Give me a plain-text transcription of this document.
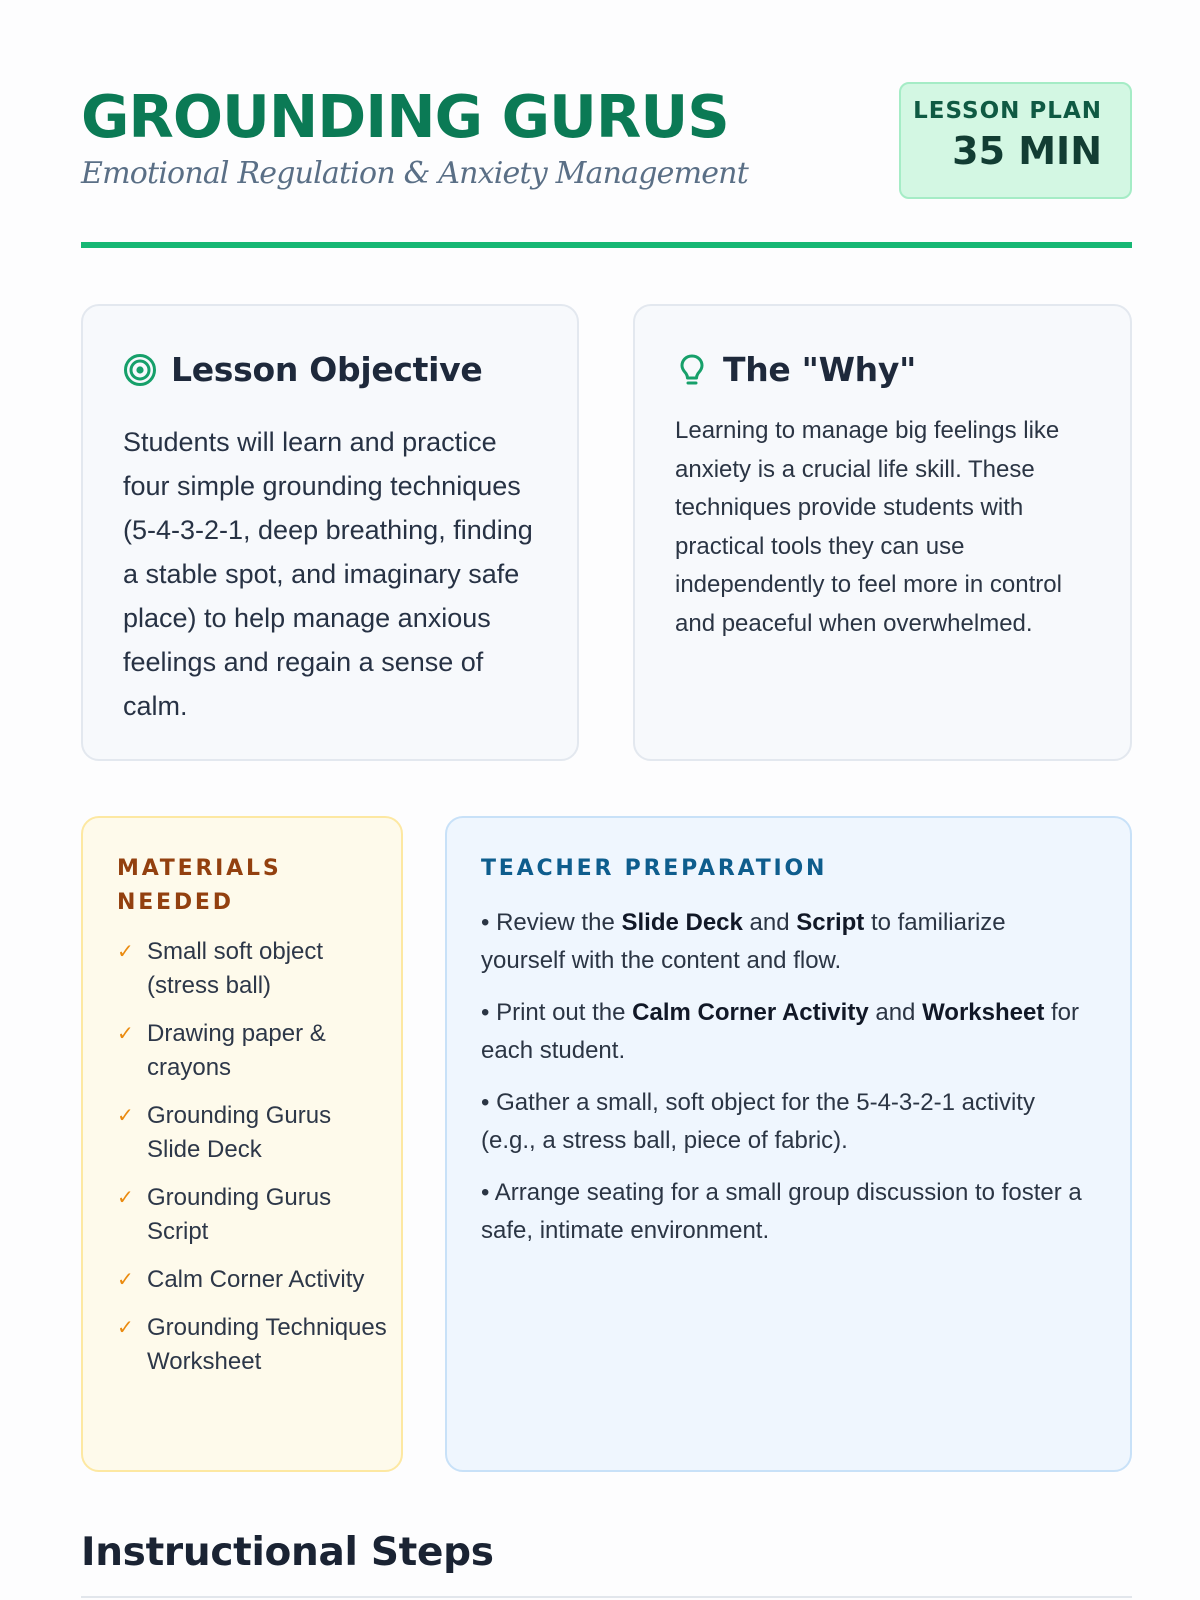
GROUNDING GURUS
Emotional Regulation & Anxiety Management
LESSON PLAN
35 MIN
Lesson Objective

Students will learn and practice four simple grounding techniques (5-4-3-2-1, deep breathing, finding a stable spot, and imaginary safe place) to help manage anxious feelings and regain a sense of calm.

The "Why"

Learning to manage big feelings like anxiety is a crucial life skill. These techniques provide students with practical tools they can use independently to feel more in control and peaceful when overwhelmed.

MATERIALS NEEDED
✓ Small soft object (stress ball)
✓ Drawing paper & crayons
✓ Grounding Gurus Slide Deck
✓ Grounding Gurus Script
✓ Calm Corner Activity
✓ Grounding Techniques Worksheet
TEACHER PREPARATION

• Review the Slide Deck and Script to familiarize yourself with the content and flow.

• Print out the Calm Corner Activity and Worksheet for each student.

• Gather a small, soft object for the 5-4-3-2-1 activity (e.g., a stress ball, piece of fabric).

• Arrange seating for a small group discussion to foster a safe, intimate environment.

Instructional Steps
